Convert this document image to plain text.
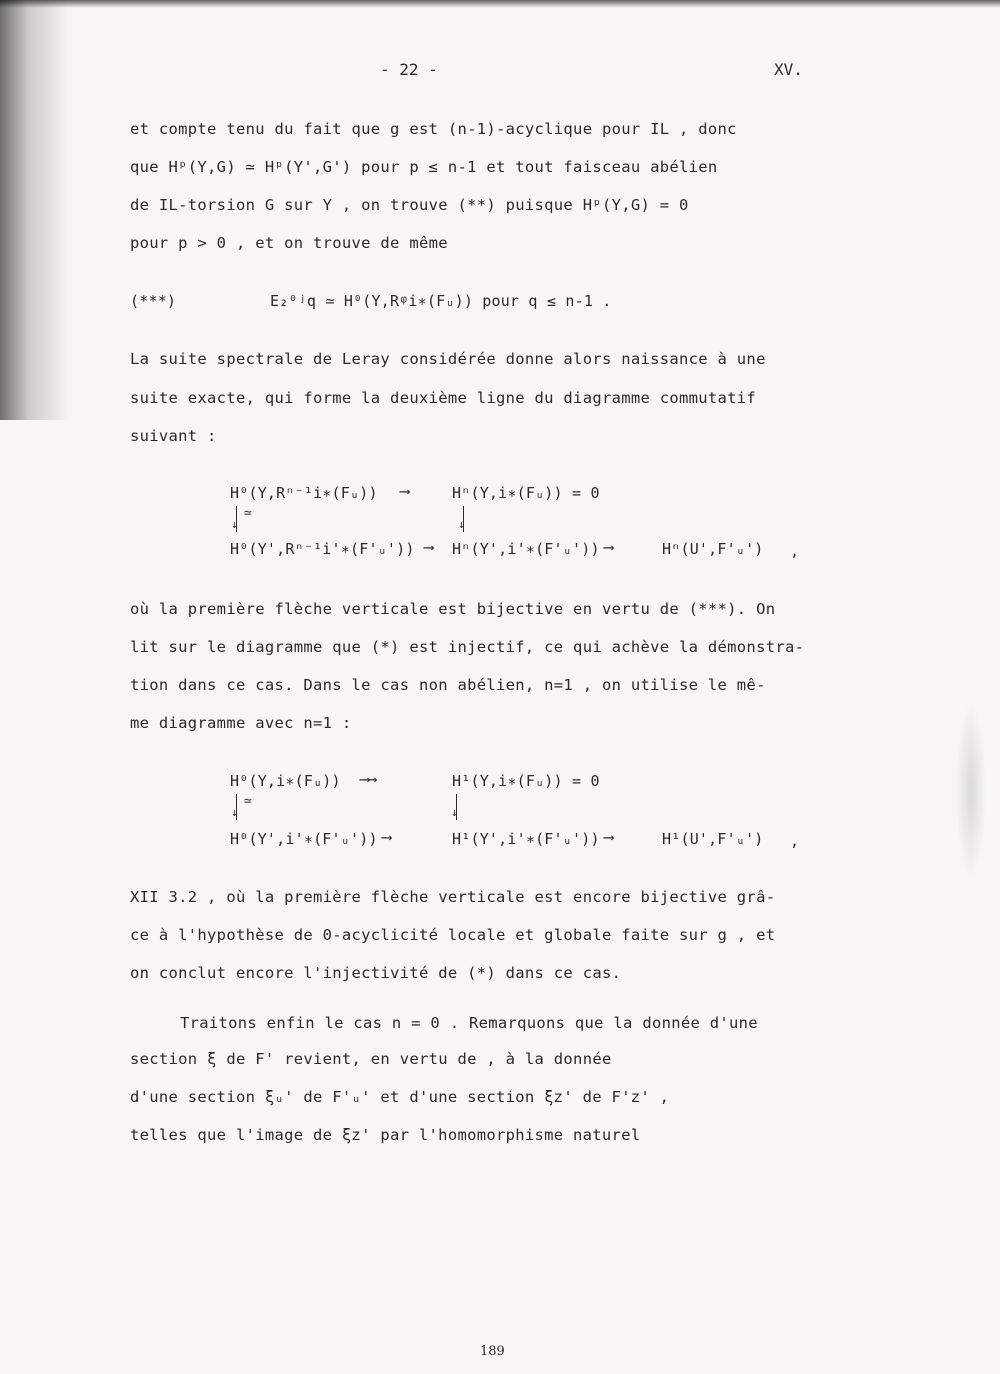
- 22 -	XV.
et compte tenu du fait que g est (n-1)-acyclique pour IL , donc
que Hᵖ(Y,G) ≃ Hᵖ(Y',G') pour p ≤ n-1 et tout faisceau abélien
de IL-torsion G sur Y , on trouve (**) puisque Hᵖ(Y,G) = 0
pour p > 0 , et on trouve de même
(***)	E₂⁰ʲq ≃ H⁰(Y,Rᵠi∗(Fᵤ)) pour q ≤ n-1 .
La suite spectrale de Leray considérée donne alors naissance à une
suite exacte, qui forme la deuxième ligne du diagramme commutatif
suivant :
H⁰(Y,Rⁿ⁻¹i∗(Fᵤ)) ⟶	Hⁿ(Y,i∗(Fᵤ)) = 0
↓
≃
↓
H⁰(Y',Rⁿ⁻¹i'∗(F'ᵤ')) ⟶ Hⁿ(Y',i'∗(F'ᵤ')) ⟶	Hⁿ(U',F'ᵤ') ,
où la première flèche verticale est bijective en vertu de (***). On
lit sur le diagramme que (*) est injectif, ce qui achève la démonstra-
tion dans ce cas. Dans le cas non abélien, n=1 , on utilise le mê-
me diagramme avec n=1 :
H⁰(Y,i∗(Fᵤ)) ⟶⟶	H¹(Y,i∗(Fᵤ)) = 0
↓
≃
↓
H⁰(Y',i'∗(F'ᵤ')) ⟶	H¹(Y',i'∗(F'ᵤ')) ⟶	H¹(U',F'ᵤ') ,
XII 3.2 , où la première flèche verticale est encore bijective grâ-
ce à l'hypothèse de 0-acyclicité locale et globale faite sur g , et
on conclut encore l'injectivité de (*) dans ce cas.
Traitons enfin le cas n = 0 . Remarquons que la donnée d'une
section ξ de F' revient, en vertu de , à la donnée
d'une section ξᵤ' de F'ᵤ' et d'une section ξᴢ' de F'ᴢ' ,
telles que l'image de ξᴢ' par l'homomorphisme naturel
189
